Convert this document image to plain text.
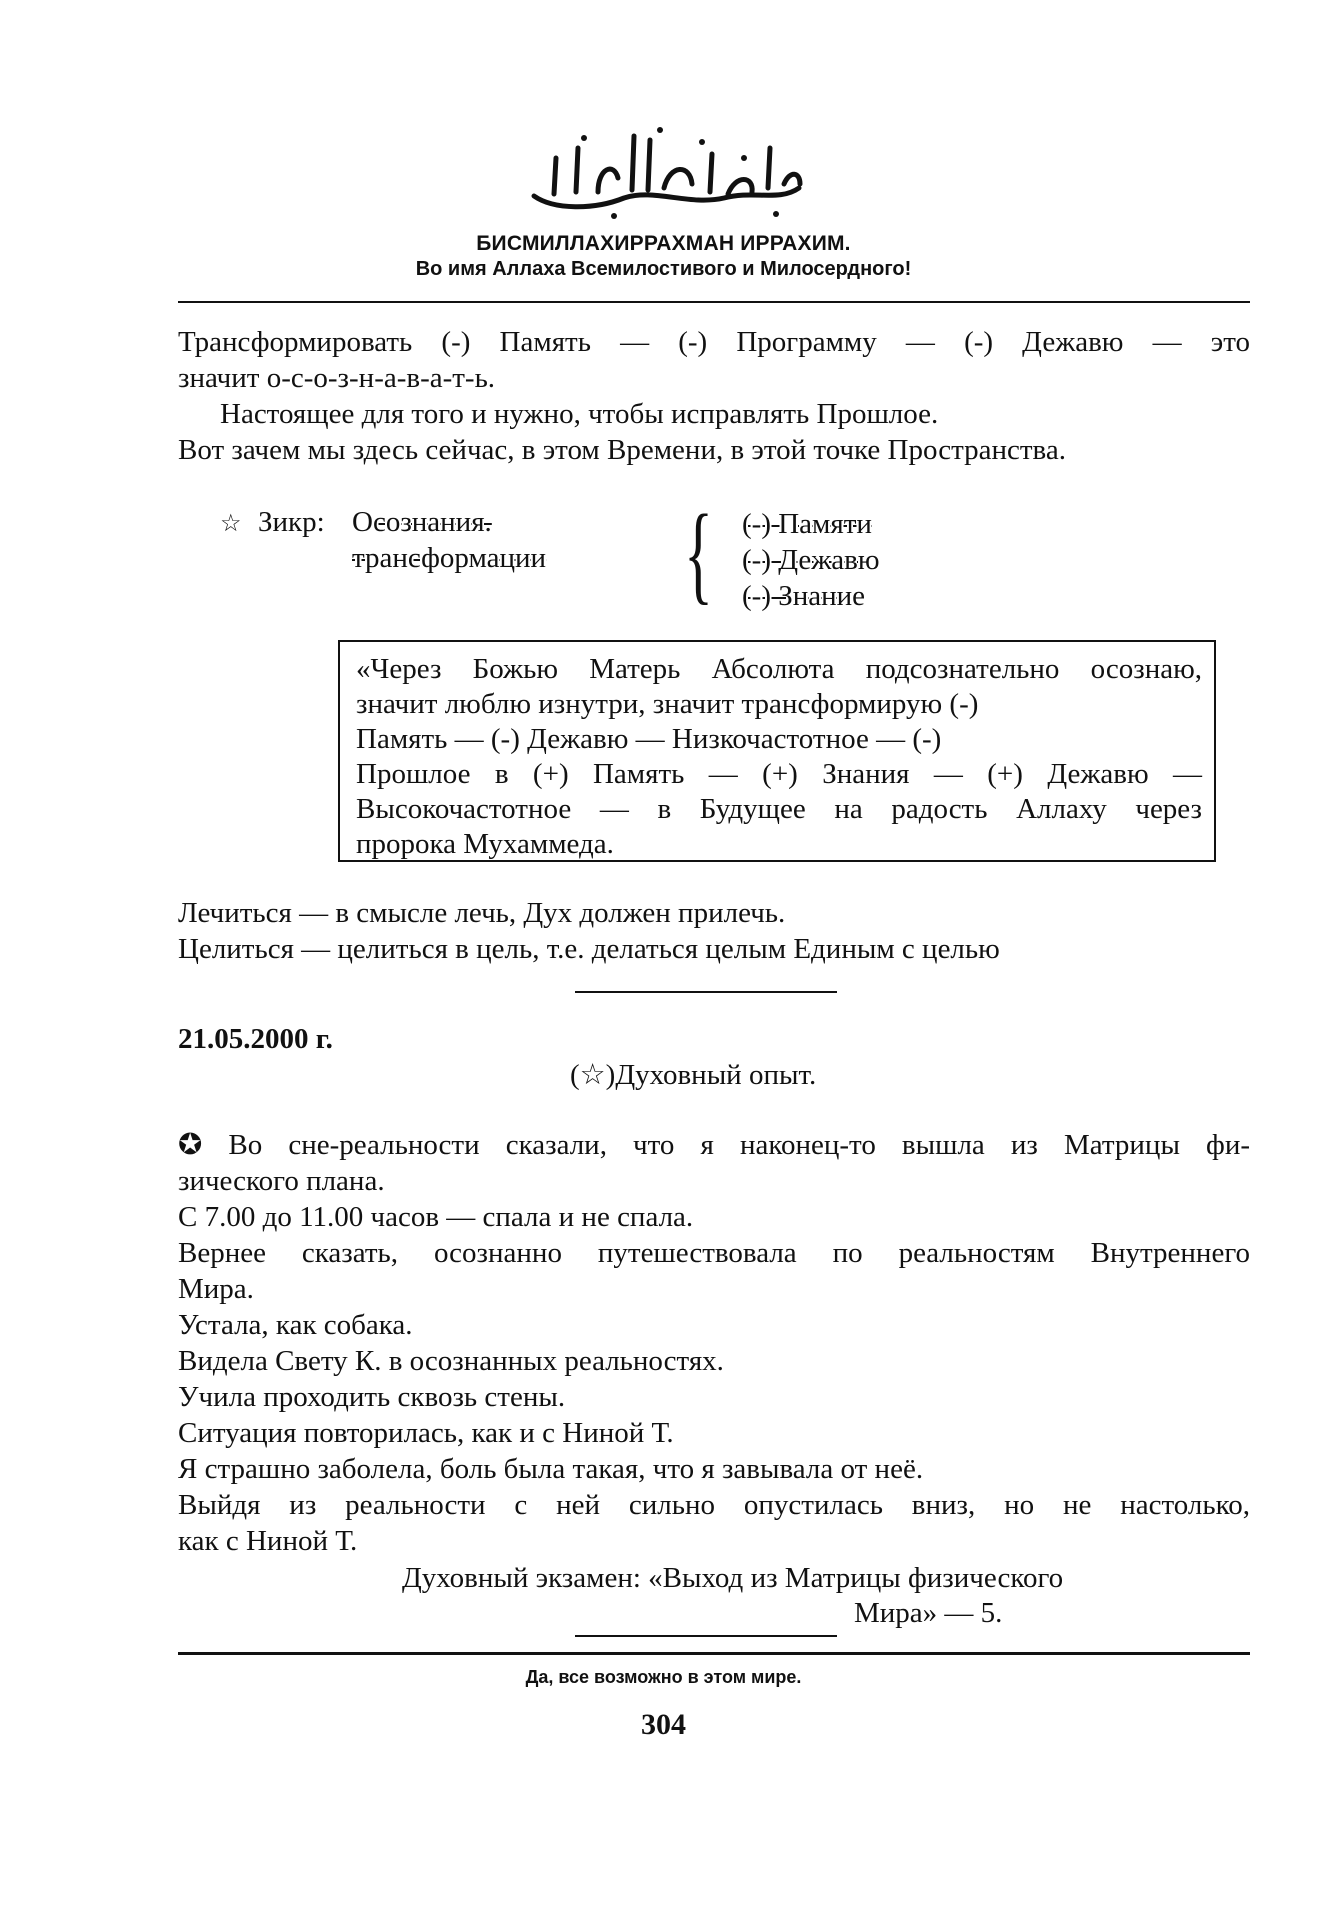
БИСМИЛЛАХИРРАХМАН ИРРАХИМ.
Во имя Аллаха Всемилостивого и Милосердного!
Трансформировать (-) Память — (-) Программу — (-) Дежавю — это
значит о-с-о-з-н-а-в-а-т-ь.
Настоящее для того и нужно, чтобы исправлять Прошлое.
Вот зачем мы здесь сейчас, в этом Времени, в этой точке Пространства.
☆ Зикр: Осознания.
трансформации { (-) Памяти
(-) Дежавю
(-) Знание
«Через Божью Матерь Абсолюта подсознательно осознаю,
значит люблю изнутри, значит трансформирую (-)
Память — (-) Дежавю — Низкочастотное — (-)
Прошлое в (+) Память — (+) Знания — (+) Дежавю —
Высокочастотное — в Будущее на радость Аллаху через
пророка Мухаммеда.
Лечиться — в смысле лечь, Дух должен прилечь.
Целиться — целиться в цель, т.е. делаться целым Единым с целью
21.05.2000 г.
(☆)Духовный опыт.
✪ Во сне-реальности сказали, что я наконец-то вышла из Матрицы фи-
зического плана.
С 7.00 до 11.00 часов — спала и не спала.
Вернее сказать, осознанно путешествовала по реальностям Внутреннего
Мира.
Устала, как собака.
Видела Свету К. в осознанных реальностях.
Учила проходить сквозь стены.
Ситуация повторилась, как и с Ниной Т.
Я страшно заболела, боль была такая, что я завывала от неё.
Выйдя из реальности с ней сильно опустилась вниз, но не настолько,
как с Ниной Т.
Духовный экзамен: «Выход из Матрицы физического
Мира» — 5.
Да, все возможно в этом мире.
304
